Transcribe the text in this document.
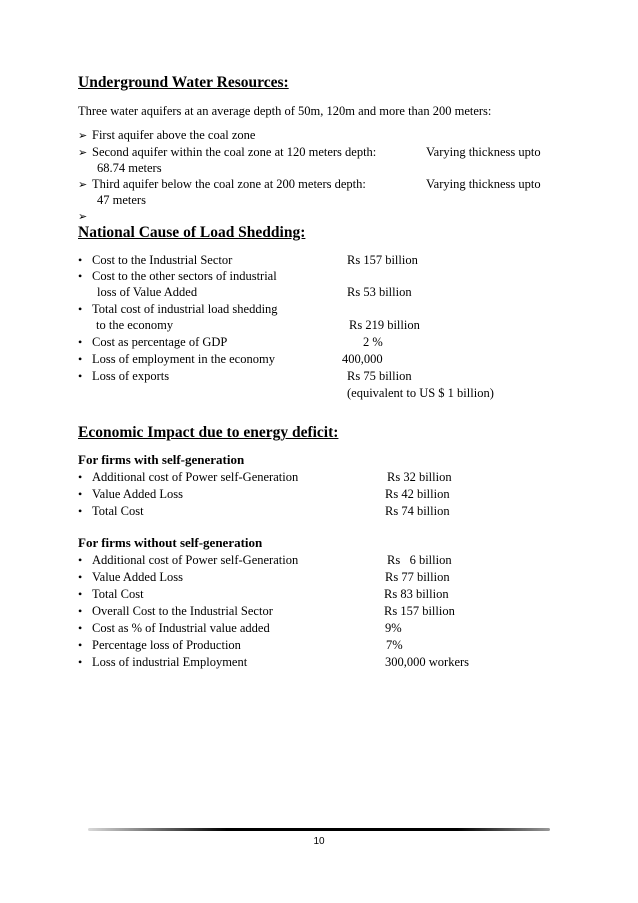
Underground Water Resources:
Three water aquifers at an average depth of 50m, 120m and more than 200 meters:
➢ First aquifer above the coal zone
➢ Second aquifer within the coal zone at 120 meters depth:	Varying thickness upto
68.74 meters
➢ Third aquifer below the coal zone at 200 meters depth:	Varying thickness upto
47 meters
➢
National Cause of Load Shedding:
• Cost to the Industrial Sector	Rs 157 billion
• Cost to the other sectors of industrial
loss of Value Added	Rs 53 billion
• Total cost of industrial load shedding
to the economy	Rs 219 billion
• Cost as percentage of GDP	2 %
• Loss of employment in the economy	400,000
• Loss of exports	Rs 75 billion
(equivalent to US $ 1 billion)
Economic Impact due to energy deficit:
For firms with self-generation
• Additional cost of Power self-Generation	Rs 32 billion
• Value Added Loss	Rs 42 billion
• Total Cost	Rs 74 billion
For firms without self-generation
• Additional cost of Power self-Generation	Rs   6 billion
• Value Added Loss	Rs 77 billion
• Total Cost	Rs 83 billion
• Overall Cost to the Industrial Sector	Rs 157 billion
• Cost as % of Industrial value added	9%
• Percentage loss of Production	7%
• Loss of industrial Employment	300,000 workers
10
